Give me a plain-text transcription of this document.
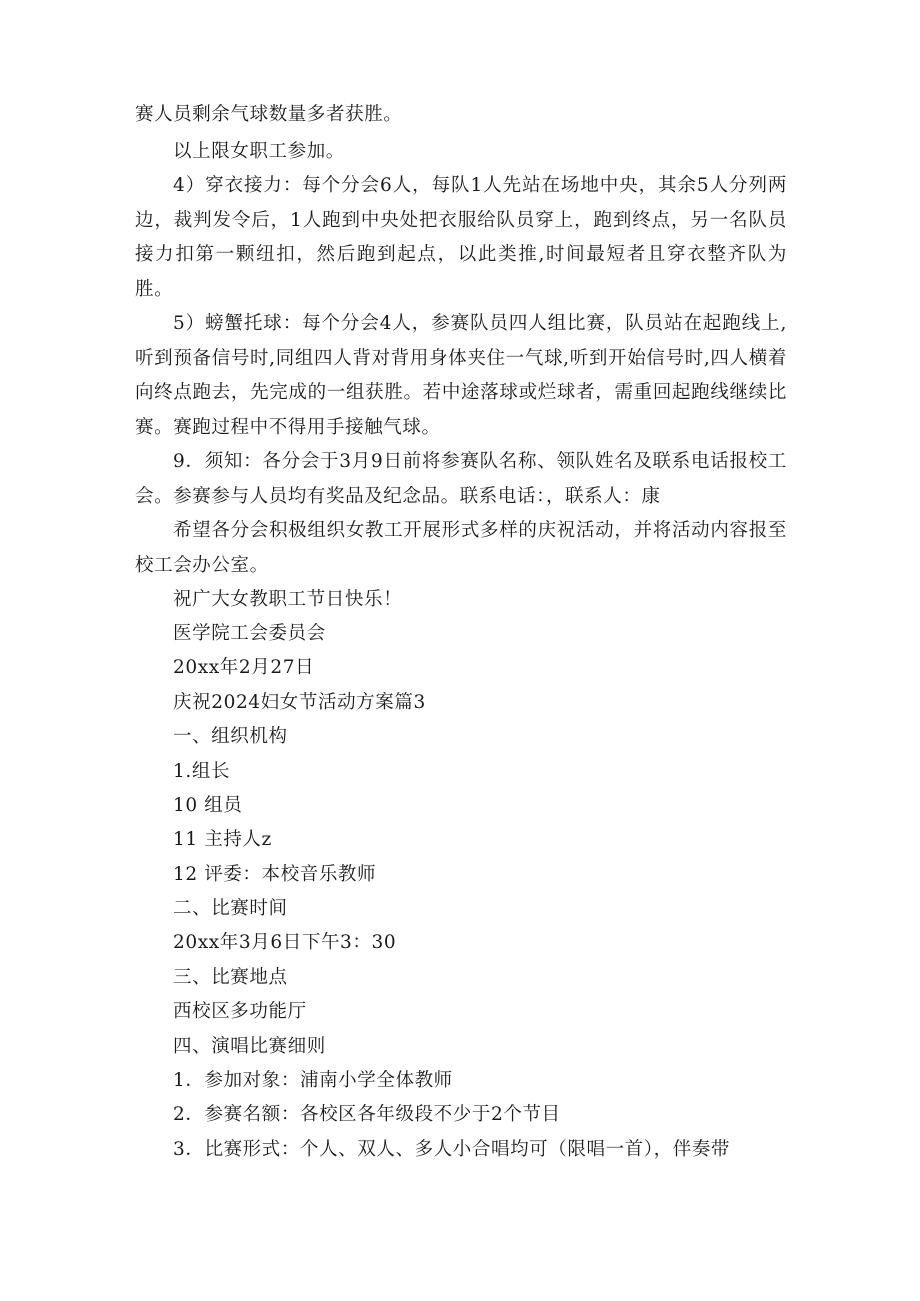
赛人员剩余气球数量多者获胜。

以上限女职工参加。

4）穿衣接力：每个分会6人，每队1人先站在场地中央，其余5人分列两边，裁判发令后，1人跑到中央处把衣服给队员穿上，跑到终点，另一名队员接力扣第一颗纽扣，然后跑到起点，以此类推,时间最短者且穿衣整齐队为胜。

5）螃蟹托球：每个分会4人，参赛队员四人组比赛，队员站在起跑线上,听到预备信号时,同组四人背对背用身体夹住一气球,听到开始信号时,四人横着向终点跑去，先完成的一组获胜。若中途落球或烂球者，需重回起跑线继续比赛。赛跑过程中不得用手接触气球。

9．须知：各分会于3月9日前将参赛队名称、领队姓名及联系电话报校工会。参赛参与人员均有奖品及纪念品。联系电话：，联系人：康

希望各分会积极组织女教工开展形式多样的庆祝活动，并将活动内容报至校工会办公室。

祝广大女教职工节日快乐！

医学院工会委员会

20xx年2月27日

庆祝2024妇女节活动方案篇3

一、组织机构

1.组长

10 组员

11 主持人z

12 评委：本校音乐教师

二、比赛时间

20xx年3月6日下午3：30

三、比赛地点

西校区多功能厅

四、演唱比赛细则

1．参加对象：浦南小学全体教师

2．参赛名额：各校区各年级段不少于2个节目

3．比赛形式：个人、双人、多人小合唱均可（限唱一首），伴奏带
